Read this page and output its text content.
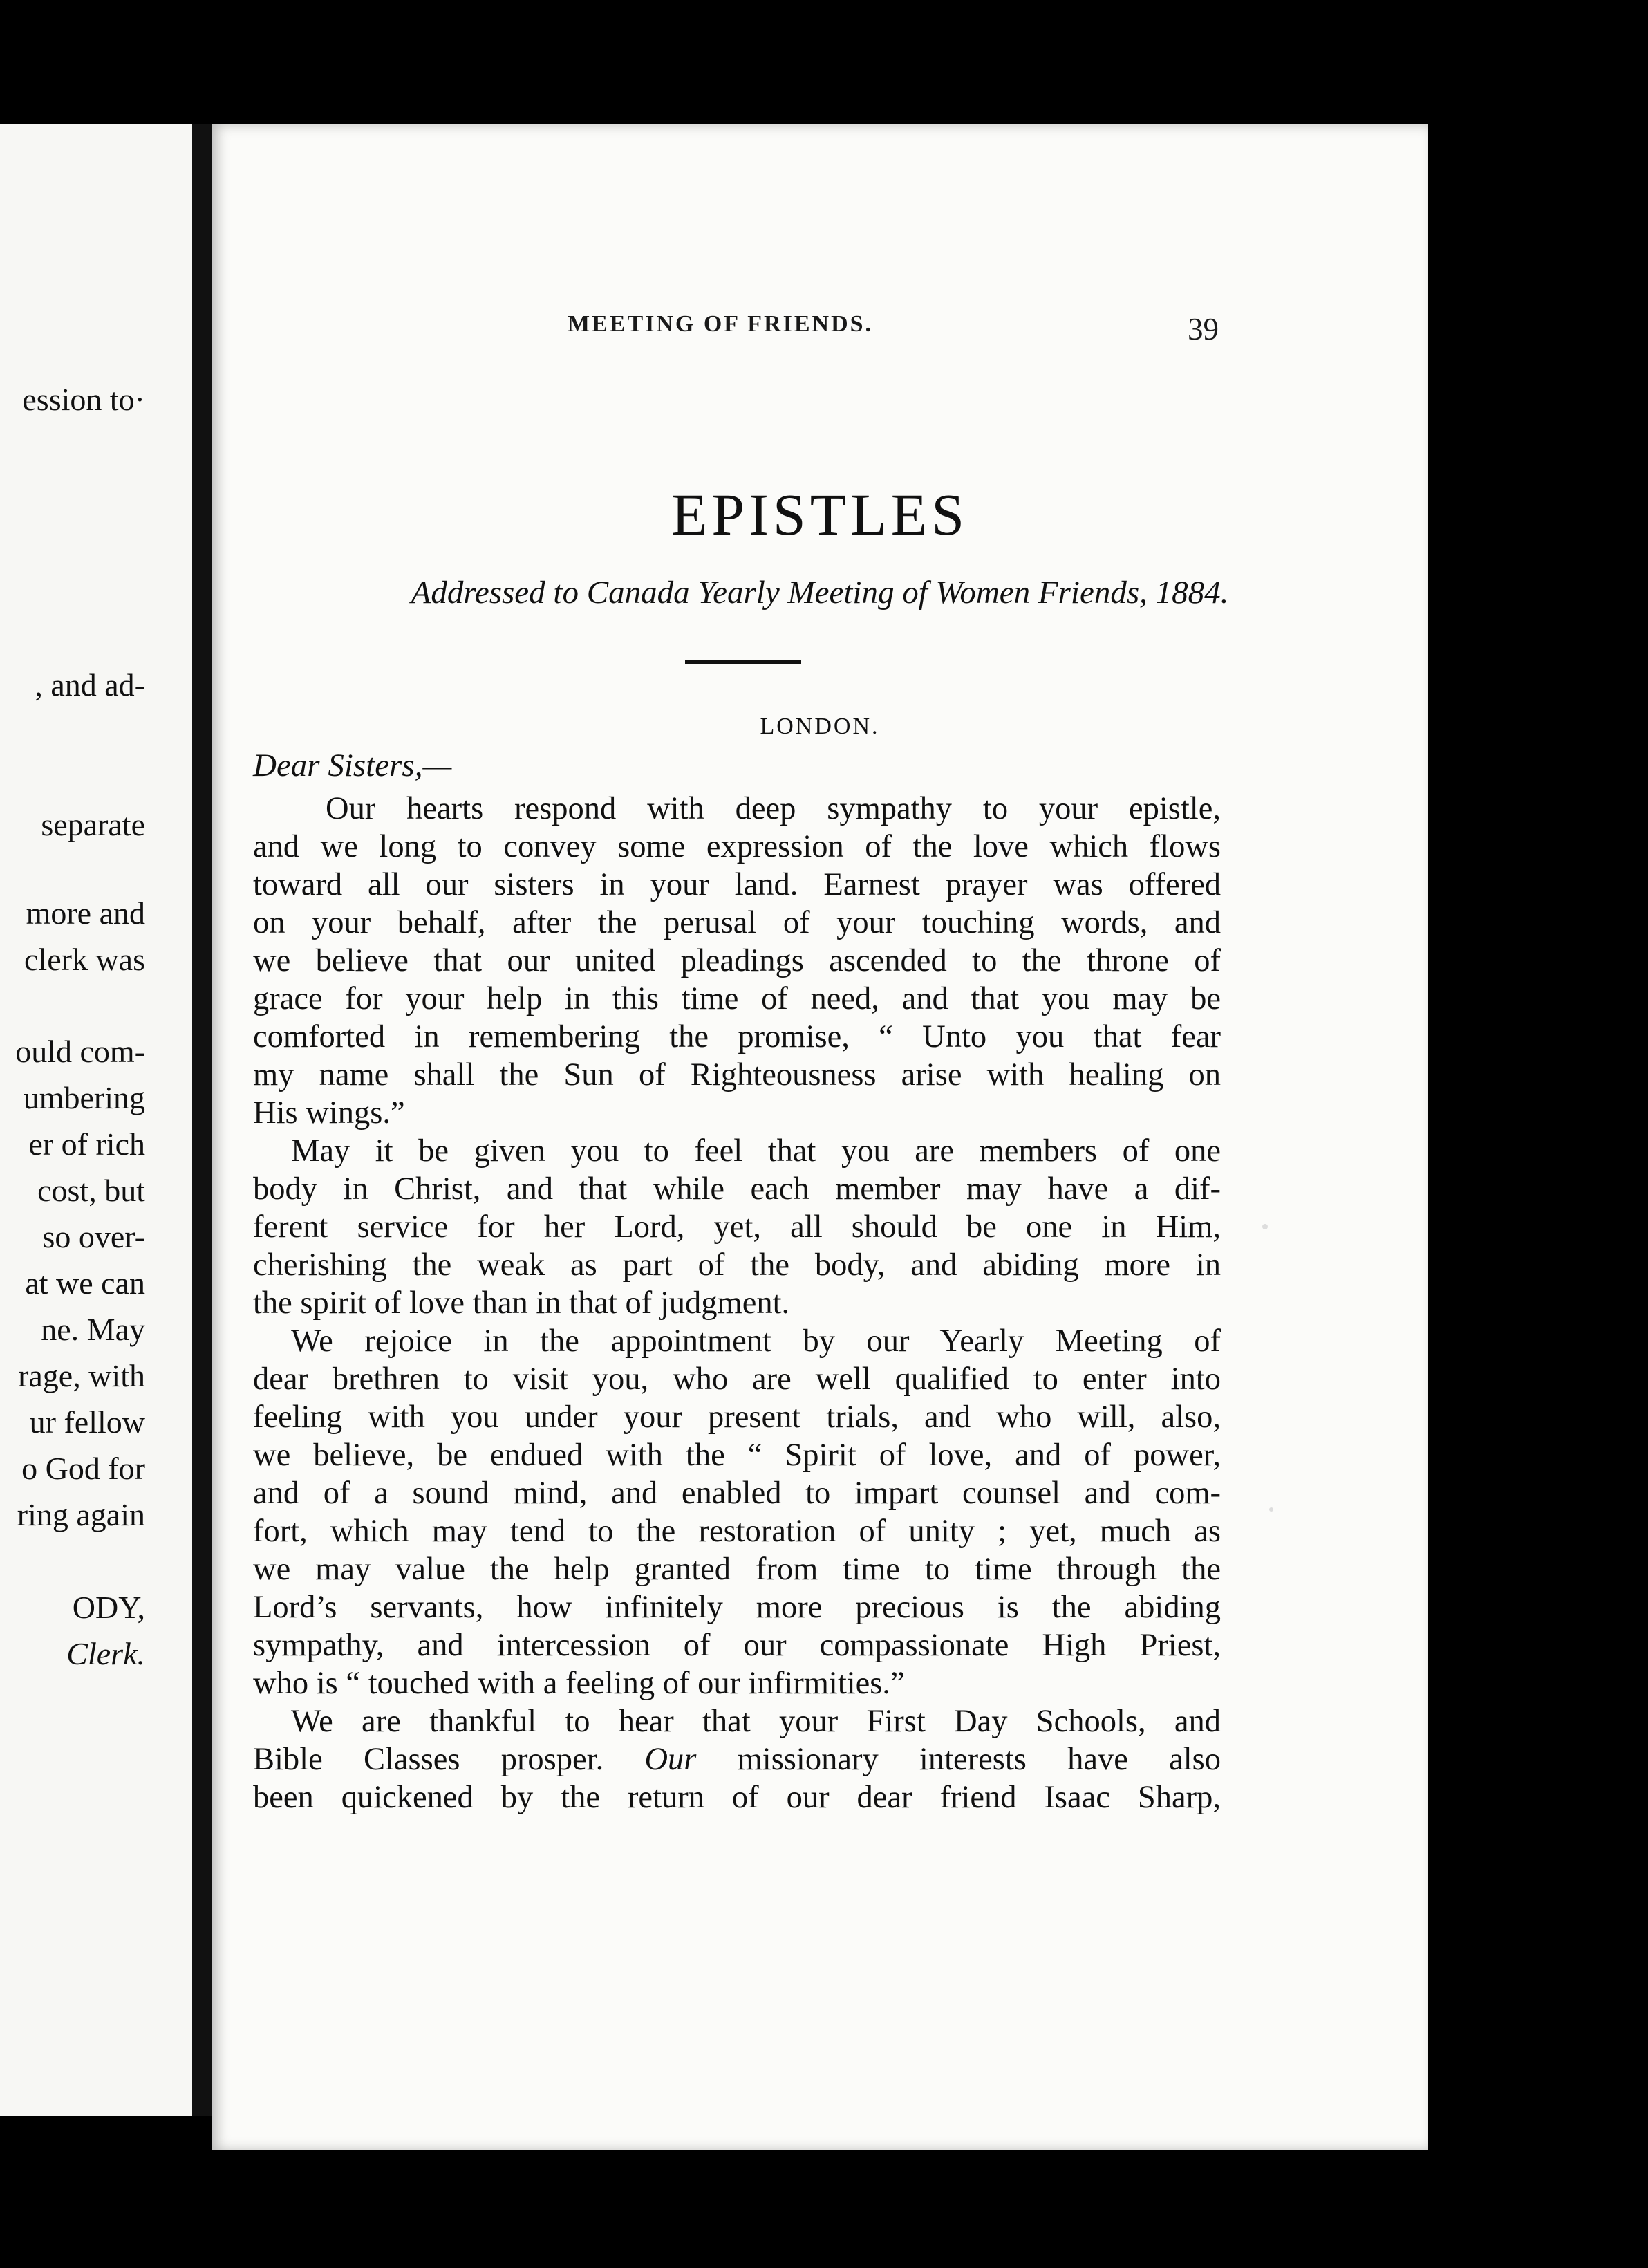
ession to·
, and ad-
separate
more and
clerk was
ould com-
umbering
er of rich
cost, but
so over-
at we can
ne. May
rage, with
ur fellow
o God for
ring again
ODY,
Clerk.
MEETING OF FRIENDS.	39
EPISTLES
Addressed to Canada Yearly Meeting of Women Friends, 1884.
LONDON.
Dear Sisters,—
Our hearts respond with deep sympathy to your epistle,
and we long to convey some expression of the love which flows
toward all our sisters in your land. Earnest prayer was offered
on your behalf, after the perusal of your touching words, and
we believe that our united pleadings ascended to the throne of
grace for your help in this time of need, and that you may be
comforted in remembering the promise, “ Unto you that fear
my name shall the Sun of Righteousness arise with healing on
His wings.”
May it be given you to feel that you are members of one
body in Christ, and that while each member may have a dif-
ferent service for her Lord, yet, all should be one in Him,
cherishing the weak as part of the body, and abiding more in
the spirit of love than in that of judgment.
We rejoice in the appointment by our Yearly Meeting of
dear brethren to visit you, who are well qualified to enter into
feeling with you under your present trials, and who will, also,
we believe, be endued with the “ Spirit of love, and of power,
and of a sound mind, and enabled to impart counsel and com-
fort, which may tend to the restoration of unity ; yet, much as
we may value the help granted from time to time through the
Lord’s servants, how infinitely more precious is the abiding
sympathy, and intercession of our compassionate High Priest,
who is “ touched with a feeling of our infirmities.”
We are thankful to hear that your First Day Schools, and
Bible Classes prosper. Our missionary interests have also
been quickened by the return of our dear friend Isaac Sharp,
